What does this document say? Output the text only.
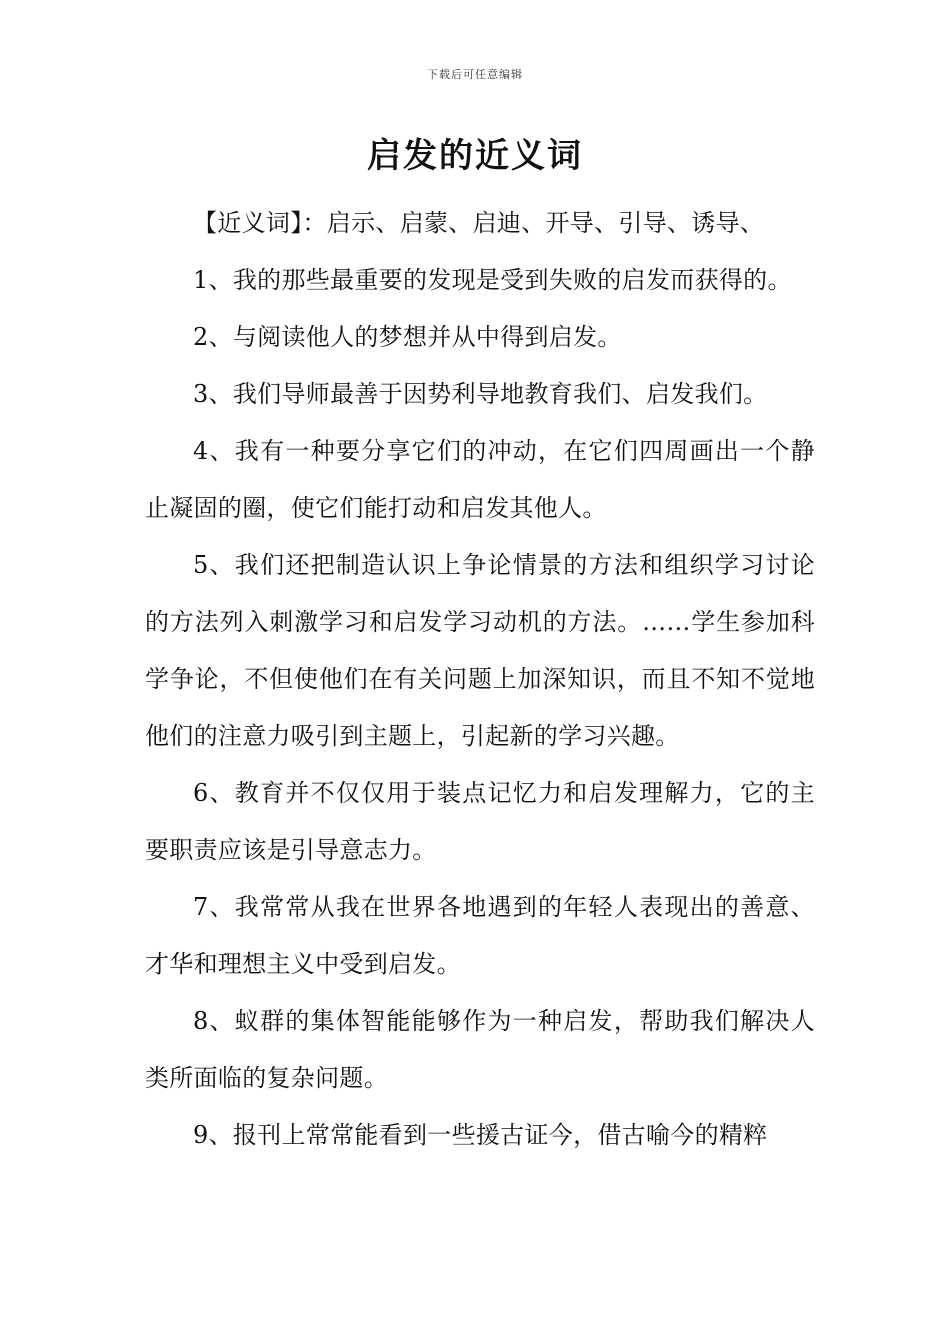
下载后可任意编辑
启发的近义词

【近义词】：启示、启蒙、启迪、开导、引导、诱导、

1、我的那些最重要的发现是受到失败的启发而获得的。

2、与阅读他人的梦想并从中得到启发。

3、我们导师最善于因势利导地教育我们、启发我们。

4、我有一种要分享它们的冲动，在它们四周画出一个静止凝固的圈，使它们能打动和启发其他人。

5、我们还把制造认识上争论情景的方法和组织学习讨论的方法列入刺激学习和启发学习动机的方法。……学生参加科学争论，不但使他们在有关问题上加深知识，而且不知不觉地他们的注意力吸引到主题上，引起新的学习兴趣。

6、教育并不仅仅用于装点记忆力和启发理解力，它的主要职责应该是引导意志力。

7、我常常从我在世界各地遇到的年轻人表现出的善意、才华和理想主义中受到启发。

8、蚁群的集体智能能够作为一种启发，帮助我们解决人类所面临的复杂问题。

9、报刊上常常能看到一些援古证今，借古喻今的精粹
